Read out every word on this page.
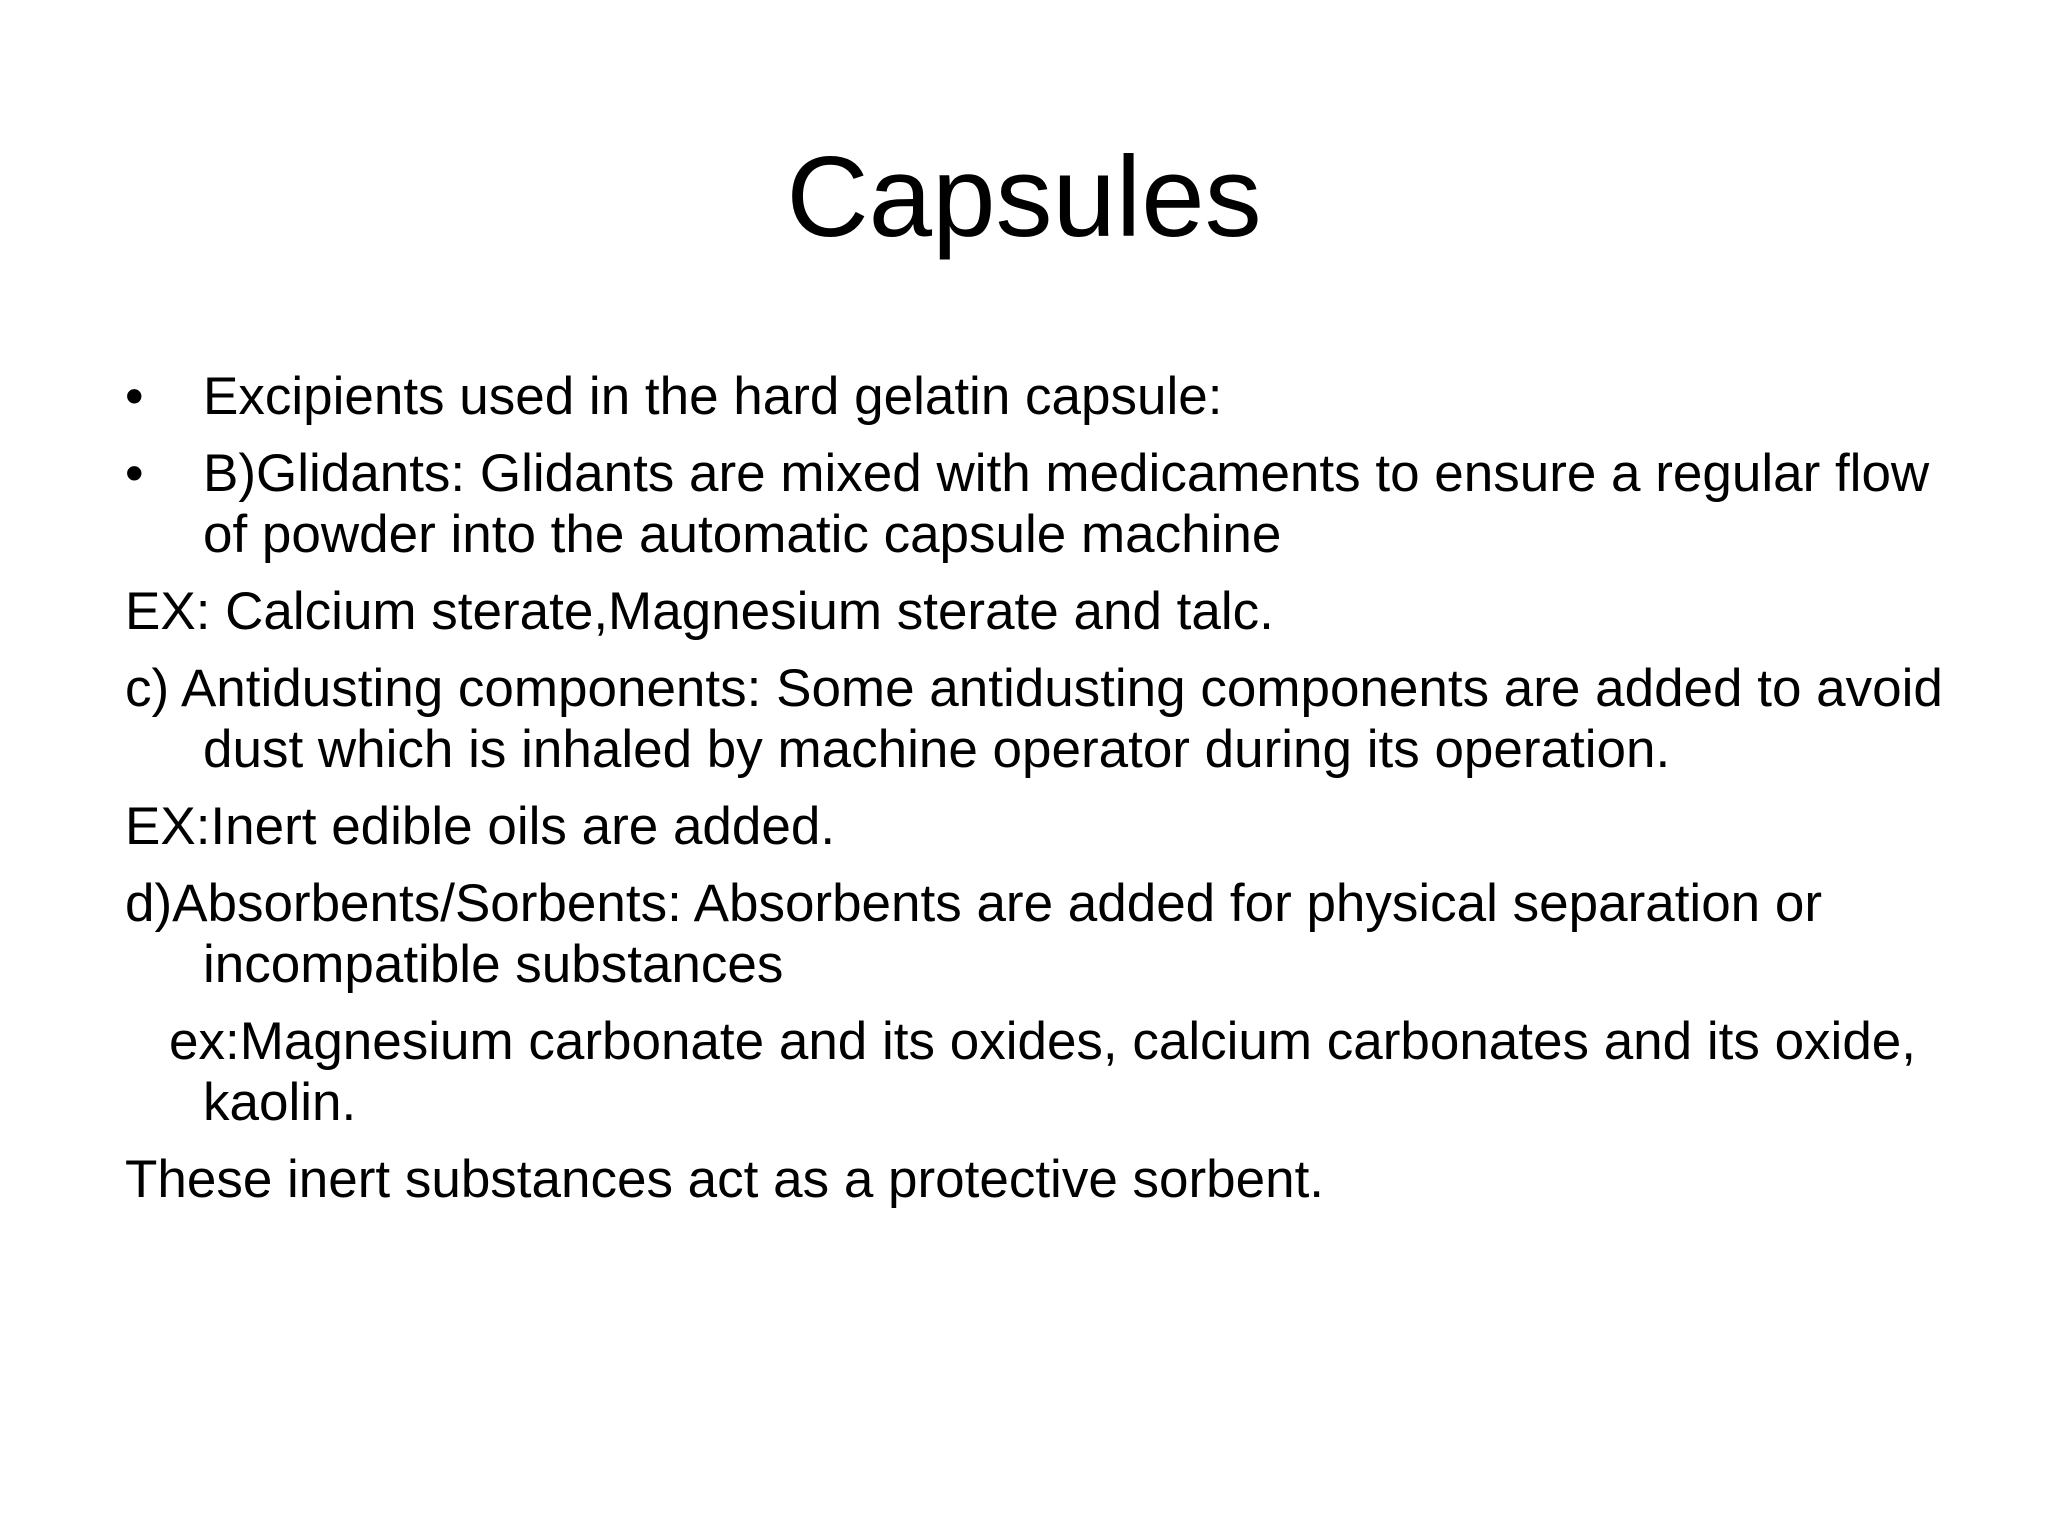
Capsules
•	Excipients used in the hard gelatin capsule:
•	B)Glidants: Glidants are mixed with medicaments to ensure a regular flow of powder into the automatic capsule machine
EX: Calcium sterate,Magnesium sterate and talc.
c) Antidusting components: Some antidusting components are added to avoid dust which is inhaled by machine operator during its operation.
EX:Inert edible oils are added.
d)Absorbents/Sorbents: Absorbents are added for physical separation or incompatible substances
ex:Magnesium carbonate and its oxides, calcium carbonates and its oxide, kaolin.
These inert substances act as a protective sorbent.
